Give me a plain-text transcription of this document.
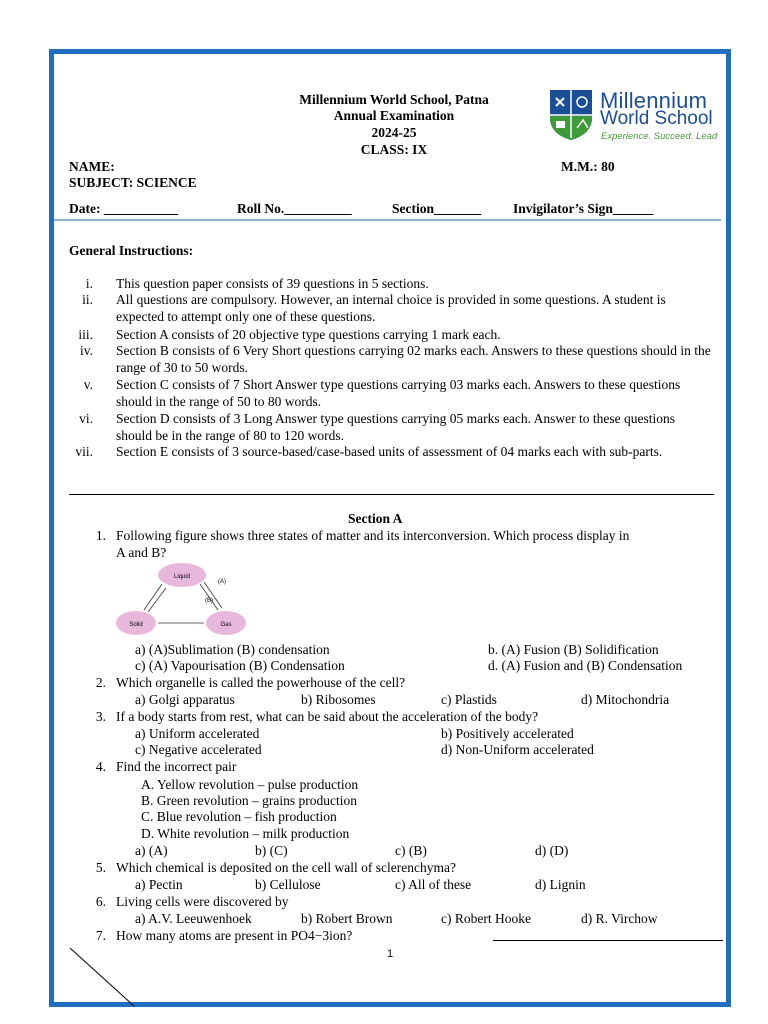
Millennium World School, Patna
Annual Examination
2024-25
CLASS: IX
Millennium
World School
Experience. Succeed. Lead
NAME:	M.M.: 80
SUBJECT: SCIENCE
Date: ___________	Roll No.__________	Section_______ Invigilator’s Sign______
General Instructions:
i. This question paper consists of 39 questions in 5 sections.
ii. All questions are compulsory. However, an internal choice is provided in some questions. A student is expected to attempt only one of these questions.
iii. Section A consists of 20 objective type questions carrying 1 mark each.
iv. Section B consists of 6 Very Short questions carrying 02 marks each. Answers to these questions should in the range of 30 to 50 words.
v. Section C consists of 7 Short Answer type questions carrying 03 marks each. Answers to these questions should in the range of 50 to 80 words.
vi. Section D consists of 3 Long Answer type questions carrying 05 marks each. Answer to these questions should be in the range of 80 to 120 words.
vii. Section E consists of 3 source-based/case-based units of assessment of 04 marks each with sub-parts.
Section A
1. Following figure shows three states of matter and its interconversion. Which process display in
A and B?
Liquid
Solid	Gas
(A)
(B)
a) (A)Sublimation (B) condensation	b. (A) Fusion (B) Solidification
c) (A) Vapourisation (B) Condensation	d. (A) Fusion and (B) Condensation
2. Which organelle is called the powerhouse of the cell?
a) Golgi apparatus	b) Ribosomes	c) Plastids	d) Mitochondria
3. If a body starts from rest, what can be said about the acceleration of the body?
a) Uniform accelerated	b) Positively accelerated
c) Negative accelerated	d) Non-Uniform accelerated
4. Find the incorrect pair
A. Yellow revolution – pulse production
B. Green revolution – grains production
C. Blue revolution – fish production
D. White revolution – milk production
a) (A)	b) (C)	c) (B)	d) (D)
5. Which chemical is deposited on the cell wall of sclerenchyma?
a) Pectin	b) Cellulose	c) All of these	d) Lignin
6. Living cells were discovered by
a) A.V. Leeuwenhoek	b) Robert Brown	c) Robert Hooke	d) R. Virchow
7. How many atoms are present in PO4−3ion?
1
